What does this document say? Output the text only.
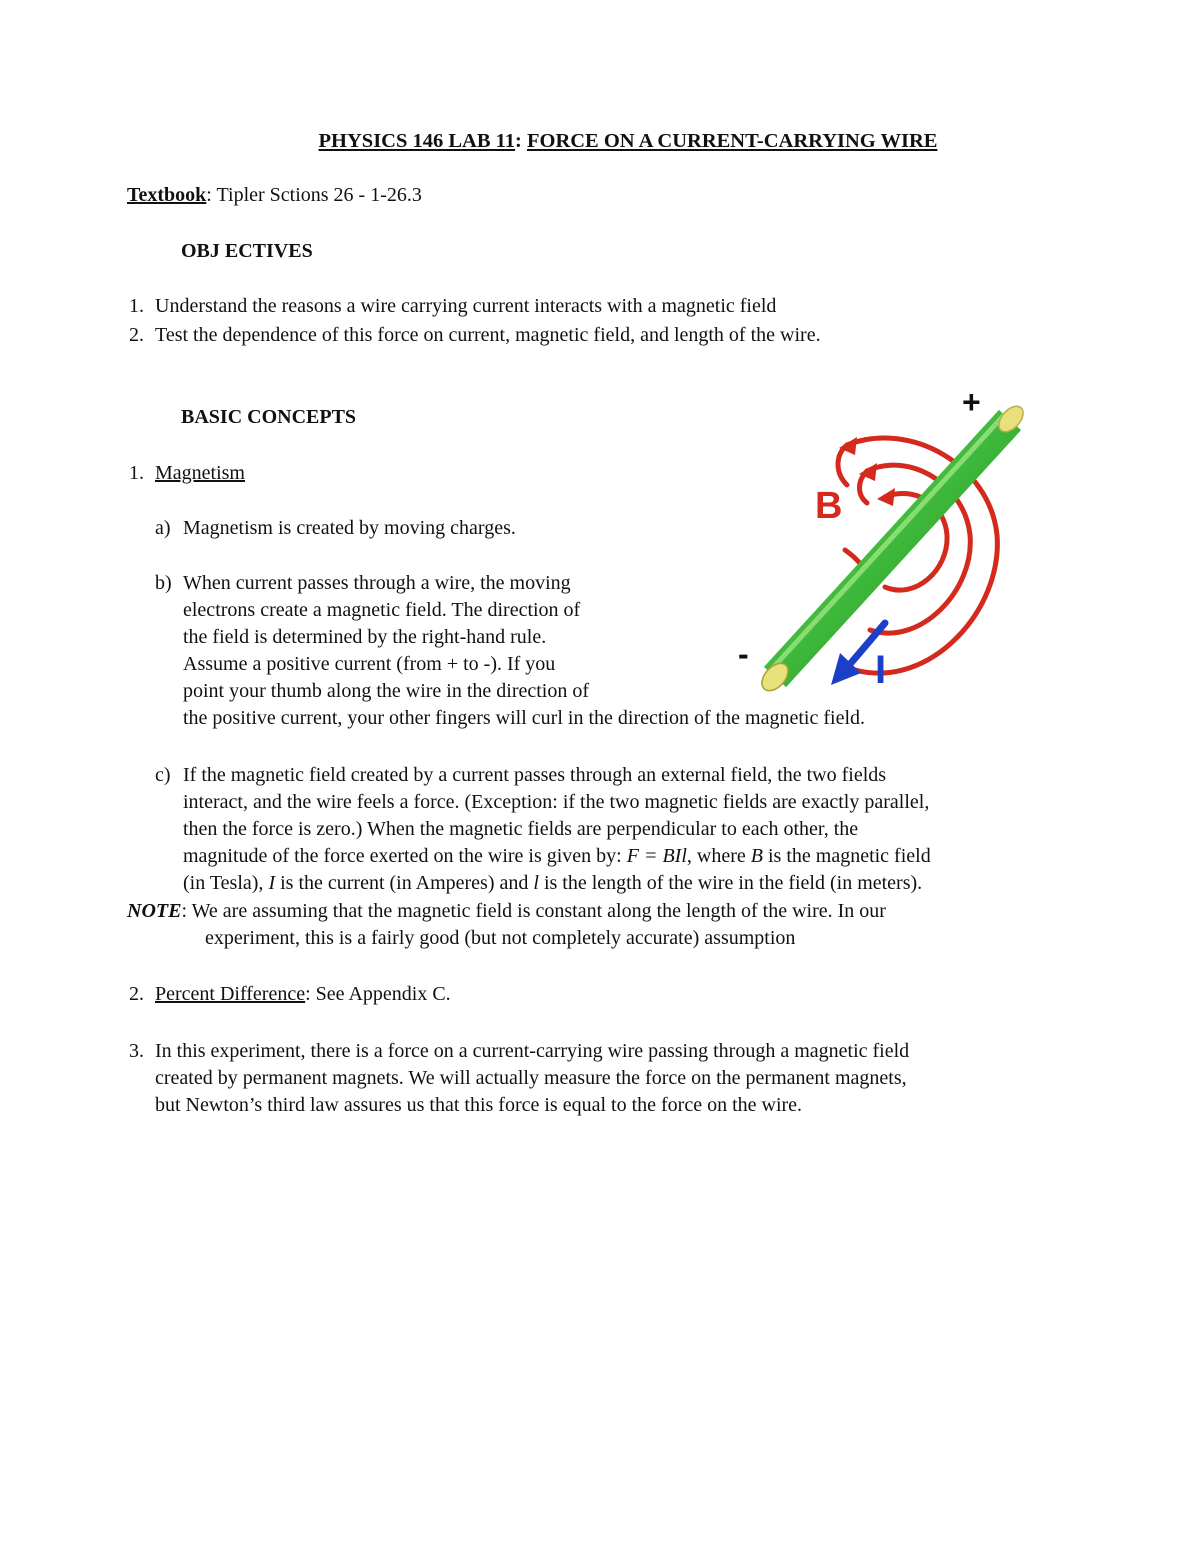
PHYSICS 146 LAB 11: FORCE ON A CURRENT-CARRYING WIRE
Textbook: Tipler Sctions 26 - 1-26.3
OBJ ECTIVES
1. Understand the reasons a wire carrying current interacts with a magnetic field
2. Test the dependence of this force on current, magnetic field, and length of the wire.
BASIC CONCEPTS
1. Magnetism
a) Magnetism is created by moving charges.
b) When current passes through a wire, the moving
electrons create a magnetic field. The direction of
the field is determined by the right-hand rule.
Assume a positive current (from + to -). If you
point your thumb along the wire in the direction of
the positive current, your other fingers will curl in the direction of the magnetic field.
c) If the magnetic field created by a current passes through an external field, the two fields
interact, and the wire feels a force. (Exception: if the two magnetic fields are exactly parallel,
then the force is zero.) When the magnetic fields are perpendicular to each other, the
magnitude of the force exerted on the wire is given by: F = BIl, where B is the magnetic field
(in Tesla), I is the current (in Amperes) and l is the length of the wire in the field (in meters).
NOTE: We are assuming that the magnetic field is constant along the length of the wire. In our
experiment, this is a fairly good (but not completely accurate) assumption
2. Percent Difference: See Appendix C.
3. In this experiment, there is a force on a current-carrying wire passing through a magnetic field
created by permanent magnets. We will actually measure the force on the permanent magnets,
but Newton’s third law assures us that this force is equal to the force on the wire.
B
I
+
-
